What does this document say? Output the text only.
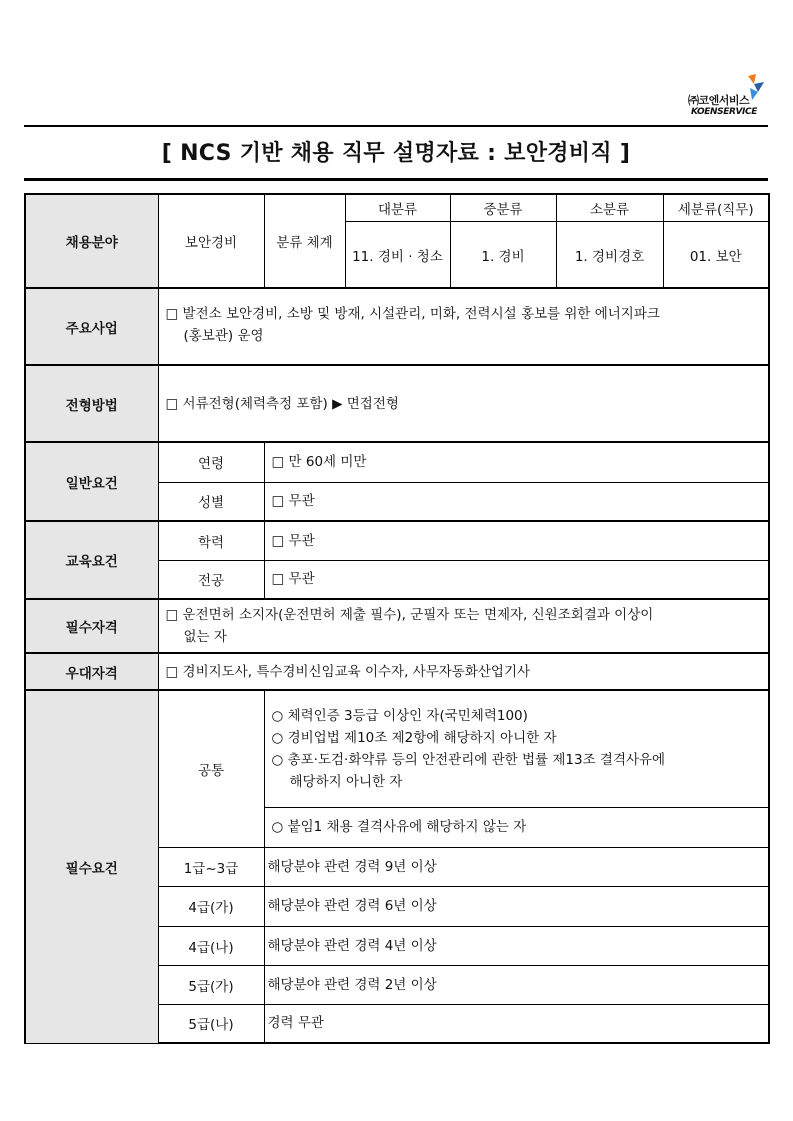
㈜코엔서비스
KOENSERVICE
[ NCS 기반 채용 직무 설명자료 : 보안경비직 ]
채용분야	보안경비	분류 체계	대분류	중분류	소분류	세분류(직무)
			11. 경비 · 청소	1. 경비	1. 경비경호	01. 보안
주요사업	□ 발전소 보안경비, 소방 및 방재, 시설관리, 미화, 전력시설 홍보를 위한 에너지파크
(홍보관) 운영					

전형방법	□ 서류전형(체력측정 포함) ▶ 면접전형					
일반요건	연령	□ 만 60세 미만				
	성별	□ 무관				
교육요건	학력	□ 무관				
	전공	□ 무관				
필수자격	□ 운전면허 소지자(운전면허 제출 필수), 군필자 또는 면제자, 신원조회결과 이상이
없는 자					

우대자격	□ 경비지도사, 특수경비신임교육 이수자, 사무자동화산업기사					
필수요건	공통	○ 체력인증 3등급 이상인 자(국민체력100)
○ 경비업법 제10조 제2항에 해당하지 아니한 자
○ 총포·도검·화약류 등의 안전관리에 관한 법률 제13조 결격사유에
해당하지 아니한 자				

		○ 붙임1 채용 결격사유에 해당하지 않는 자				
	1급~3급	해당분야 관련 경력 9년 이상				
	4급(가)	해당분야 관련 경력 6년 이상				
	4급(나)	해당분야 관련 경력 4년 이상				
	5급(가)	해당분야 관련 경력 2년 이상				
	5급(나)	경력 무관				
